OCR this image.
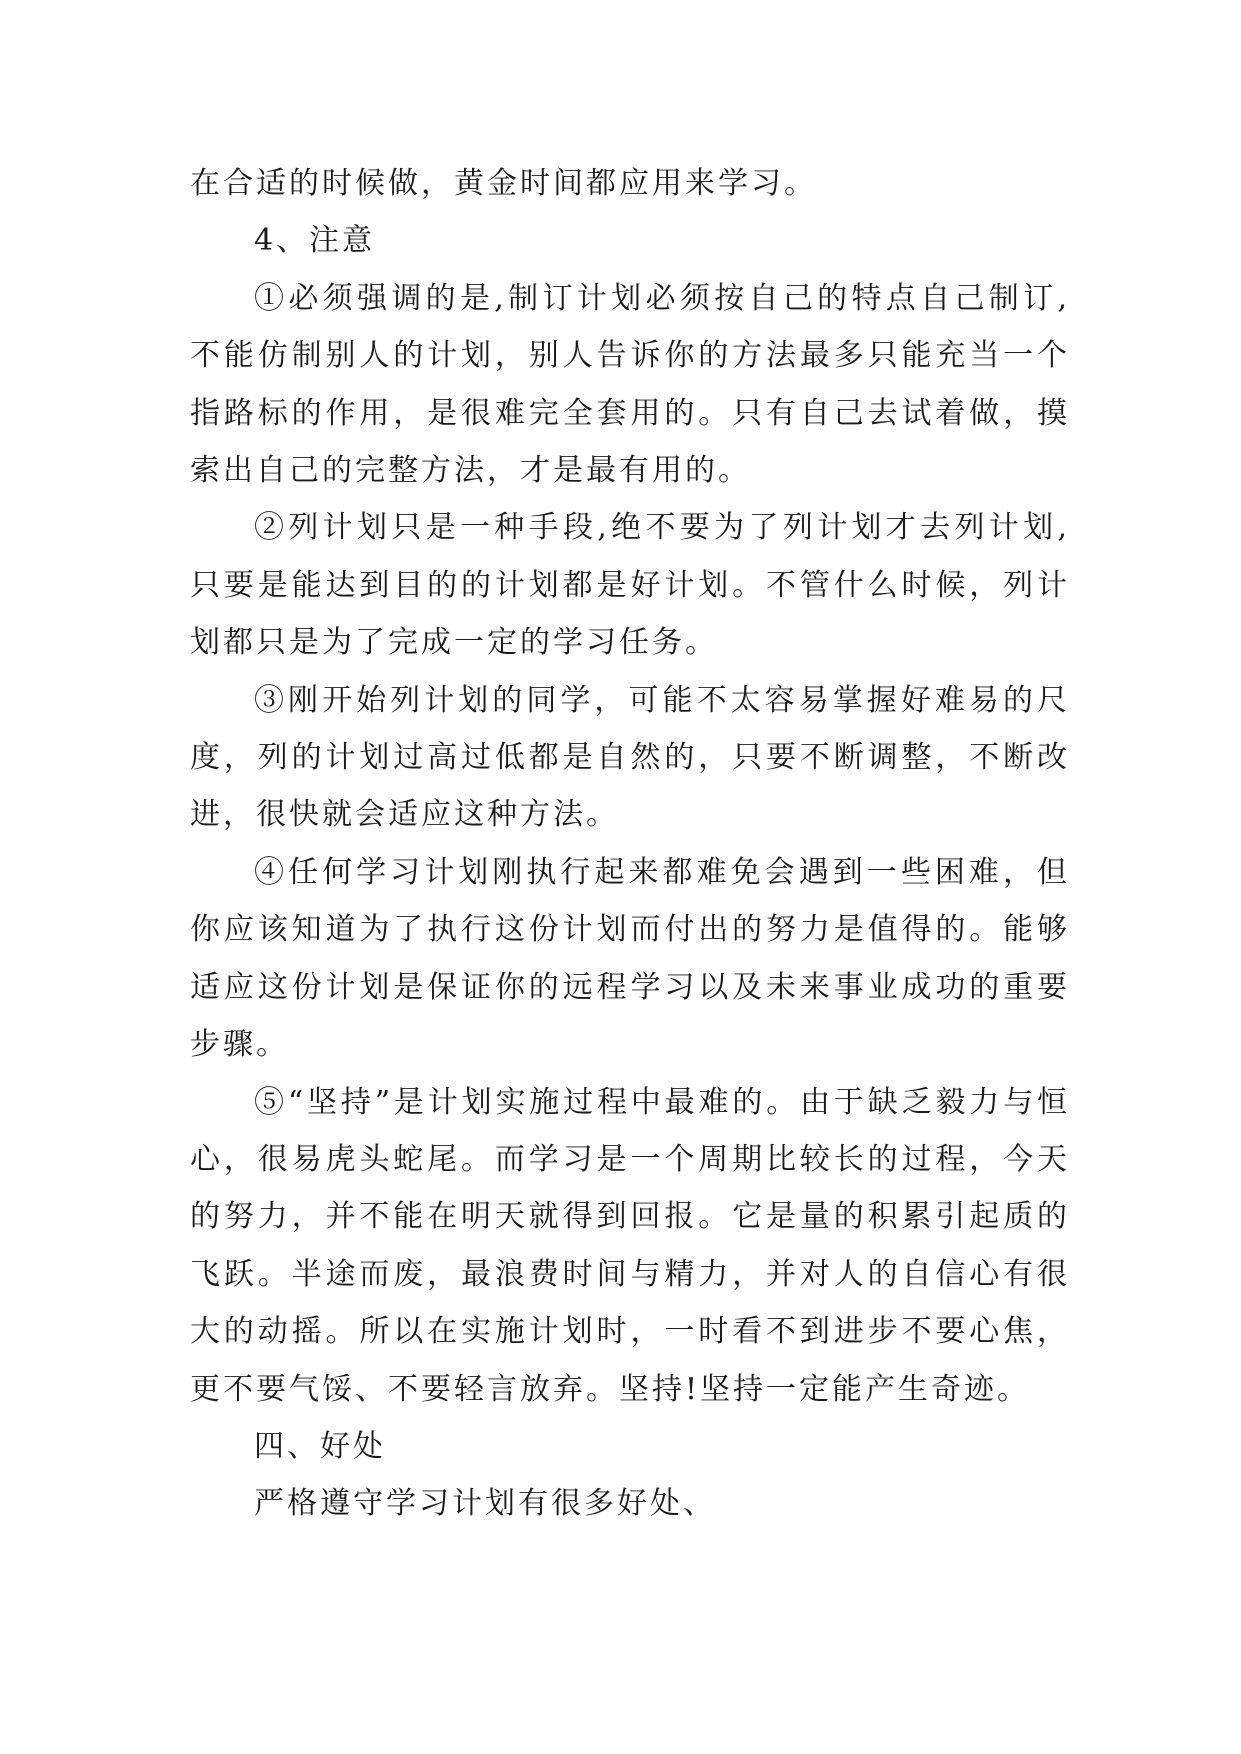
在合适的时候做，黄金时间都应用来学习。

4、注意

①必须强调的是,制订计划必须按自己的特点自己制订,不能仿制别人的计划，别人告诉你的方法最多只能充当一个指路标的作用，是很难完全套用的。只有自己去试着做，摸索出自己的完整方法，才是最有用的。

②列计划只是一种手段,绝不要为了列计划才去列计划,只要是能达到目的的计划都是好计划。不管什么时候，列计划都只是为了完成一定的学习任务。

③刚开始列计划的同学，可能不太容易掌握好难易的尺度，列的计划过高过低都是自然的，只要不断调整，不断改进，很快就会适应这种方法。

④任何学习计划刚执行起来都难免会遇到一些困难，但你应该知道为了执行这份计划而付出的努力是值得的。能够适应这份计划是保证你的远程学习以及未来事业成功的重要步骤。

⑤“坚持”是计划实施过程中最难的。由于缺乏毅力与恒心，很易虎头蛇尾。而学习是一个周期比较长的过程，今天的努力，并不能在明天就得到回报。它是量的积累引起质的飞跃。半途而废，最浪费时间与精力，并对人的自信心有很大的动摇。所以在实施计划时，一时看不到进步不要心焦，更不要气馁、不要轻言放弃。坚持!坚持一定能产生奇迹。

四、好处

严格遵守学习计划有很多好处、
